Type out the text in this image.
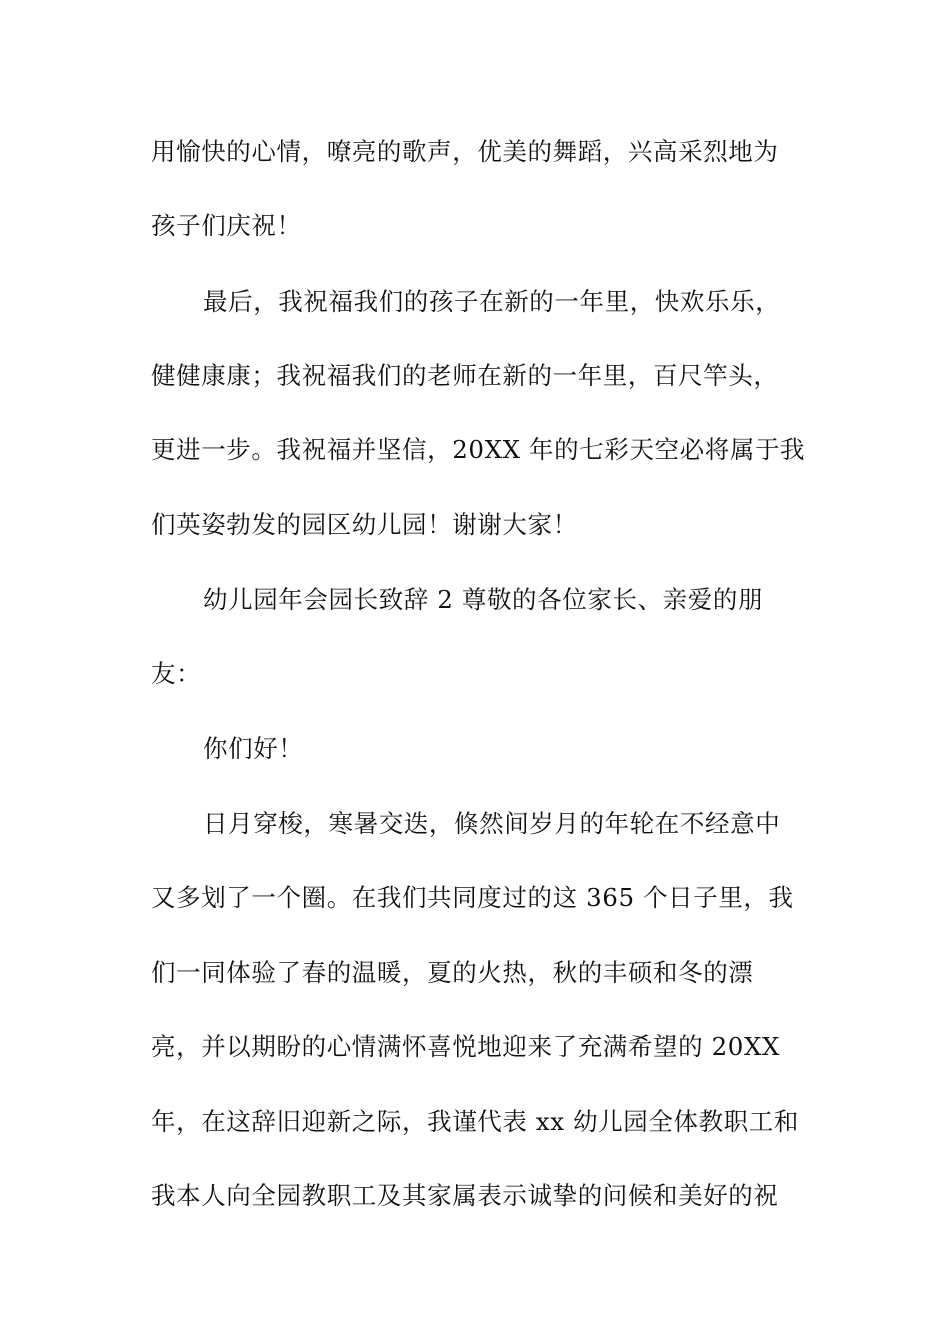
用愉快的心情，嘹亮的歌声，优美的舞蹈，兴高采烈地为
孩子们庆祝！
最后，我祝福我们的孩子在新的一年里，快欢乐乐，
健健康康；我祝福我们的老师在新的一年里，百尺竿头，
更进一步。我祝福并坚信，20XX 年的七彩天空必将属于我
们英姿勃发的园区幼儿园！谢谢大家！
幼儿园年会园长致辞 2 尊敬的各位家长、亲爱的朋
友：
你们好！
日月穿梭，寒暑交迭，倏然间岁月的年轮在不经意中
又多划了一个圈。在我们共同度过的这 365 个日子里，我
们一同体验了春的温暖，夏的火热，秋的丰硕和冬的漂
亮，并以期盼的心情满怀喜悦地迎来了充满希望的 20XX
年，在这辞旧迎新之际，我谨代表 xx 幼儿园全体教职工和
我本人向全园教职工及其家属表示诚挚的问候和美好的祝
